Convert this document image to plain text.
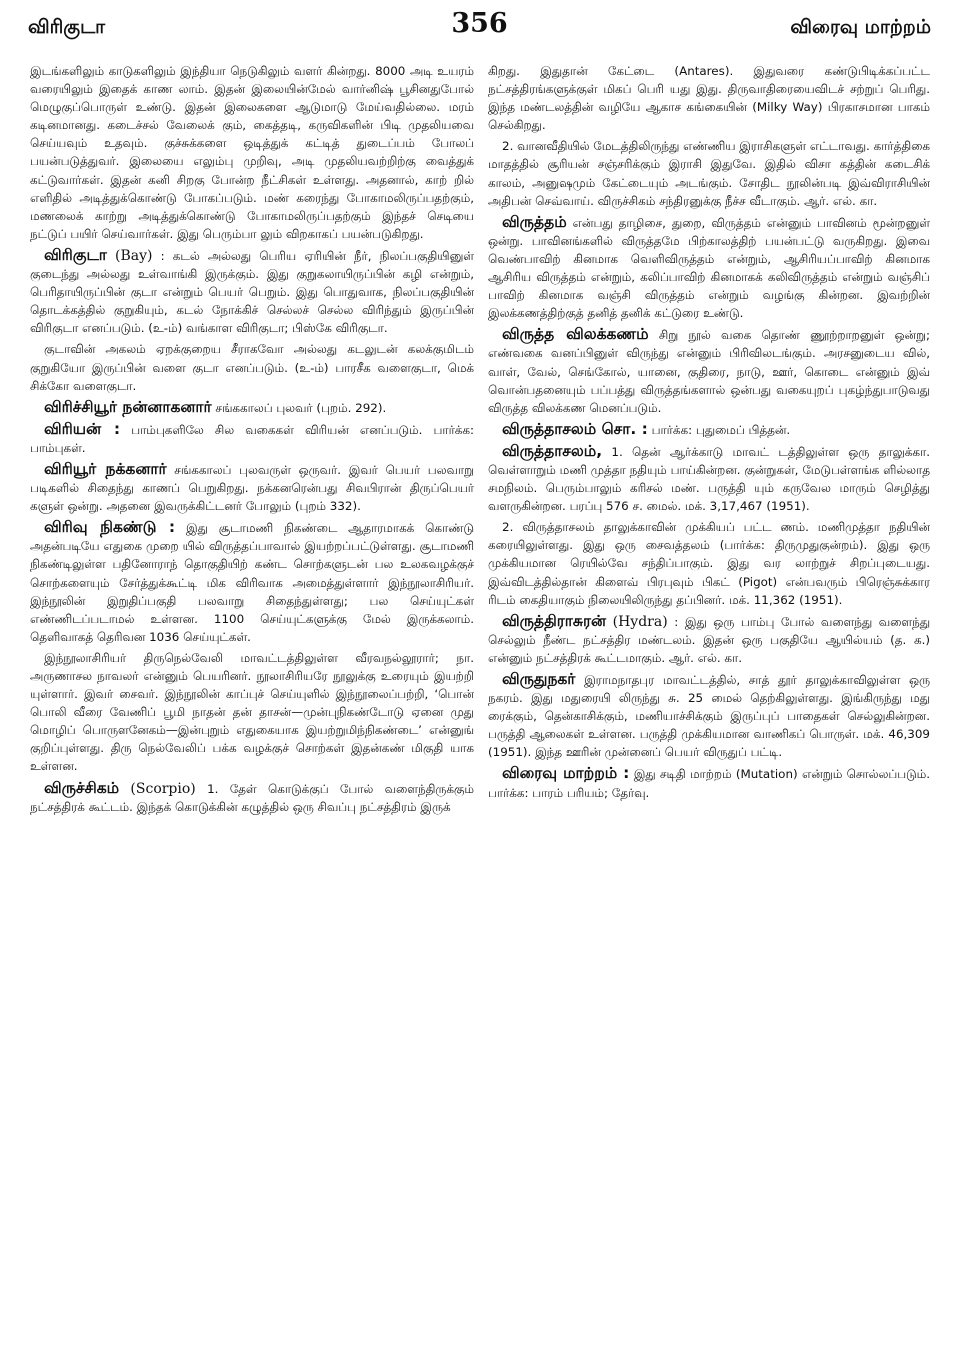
விரிகுடா	356	விரைவு மாற்றம்

இடங்களிலும் காடுகளிலும் இந்தியா நெடுகிலும் வளர் கின்றது. 8000 அடி உயரம் வரையிலும் இதைக் காண லாம். இதன் இலையின்மேல் வார்னிஷ் பூசினதுபோல் மெழுகுப்பொருள் உண்டு. இதன் இலைகளை ஆடுமாடு மேய்வதில்லை. மரம் கடினமானது. கடைச்சல் வேலைக் கும், கைத்தடி, கருவிகளின் பிடி முதலியவை செய்யவும் உதவும். குச்சுக்களை ஒடித்துக் கட்டித் துடைப்பம் போலப் பயன்படுத்துவர். இலையை எலும்பு முறிவு, அடி முதலியவற்றிற்கு வைத்துக் கட்டுவார்கள். இதன் கனி சிறகு போன்ற நீட்சிகள் உள்ளது. அதனால், காற் றில் எளிதில் அடித்துக்கொண்டு போகப்படும். மண் கரைந்து போகாமலிருப்பதற்கும், மணலைக் காற்று அடித்துக்கொண்டு போகாமலிருப்பதற்கும் இந்தச் செடியை நட்டுப் பயிர் செய்வார்கள். இது பெரும்பா லும் விறகாகப் பயன்படுகிறது.

விரிகுடா (Bay) : கடல் அல்லது பெரிய ஏரியின் நீர், நிலப்பகுதியினுள் குடைந்து அல்லது உள்வாங்கி இருக்கும். இது குறுகலாயிருப்பின் கழி என்றும், பெரிதாயிருப்பின் குடா என்றும் பெயர் பெறும். இது பொதுவாக, நிலப்பகுதியின் தொடக்கத்தில் குறுகியும், கடல் நோக்கிச் செல்லச் செல்ல விரிந்தும் இருப்பின் விரிகுடா எனப்படும். (உ-ம்) வங்காள விரிகுடா; பிஸ்கே விரிகுடா.

குடாவின் அகலம் ஏறக்குறைய சீராகவோ அல்லது கடலுடன் கலக்குமிடம் குறுகியோ இருப்பின் வளை குடா எனப்படும். (உ-ம்) பாரசீக வளைகுடா, மெக் சிக்கோ வளைகுடா.

விரிச்சியூர் நன்னாகனார் சங்ககாலப் புலவர் (புறம். 292).

விரியன் : பாம்புகளிலே சில வகைகள் விரியன் எனப்படும். பார்க்க: பாம்புகள்.

விரியூர் நக்கனார் சங்ககாலப் புலவருள் ஒருவர். இவர் பெயர் பலவாறு படிகளில் சிதைந்து காணப் பெறுகிறது. நக்கனரென்பது சிவபிரான் திருப்பெயர் களுள் ஒன்று. அதனை இவருக்கிட்டனர் போலும் (புறம் 332).

விரிவு நிகண்டு : இது சூடாமணி நிகண்டை ஆதாரமாகக் கொண்டு அதன்படியே எதுகை முறை யில் விருத்தப்பாவால் இயற்றப்பட்டுள்ளது. சூடாமணி நிகண்டிலுள்ள பதினோராந் தொகுதியிற் கண்ட சொற்களுடன் பல உலகவழக்குச் சொற்களையும் சேர்த்துக்கூட்டி மிக விரிவாக அமைத்துள்ளார் இந்நூலாசிரியர். இந்நூலின் இறுதிப்பகுதி பலவாறு சிதைந்துள்ளது; பல செய்யுட்கள் எண்ணிடப்படாமல் உள்ளன. 1100 செய்யுட்களுக்கு மேல் இருக்கலாம். தெளிவாகத் தெரிவன 1036 செய்யுட்கள்.

இந்நூலாசிரியர் திருநெல்வேலி மாவட்டத்திலுள்ள வீரவநல்லூரார்; நா. அருணாசல நாவலர் என்னும் பெயரினர். நூலாசிரியரே நூலுக்கு உரையும் இயற்றி யுள்ளார். இவர் சைவர். இந்நூலின் காப்புச் செய்யுளில் இந்நூலைப்பற்றி, ‘பொன் பொலி வீரை வேணிப் பூமி நாதன் தன் தாசன்—முன்புநிகண்டோடு ஏனை முது மொழிப் பொருளனேகம்—இன்புறும் எதுகையாக இயற்றுமிந்நிகண்டை’ என்னுங் குறிப்புள்ளது. திரு நெல்வேலிப் பக்க வழக்குச் சொற்கள் இதன்கண் மிகுதி யாக உள்ளன.

விருச்சிகம் (Scorpio) 1. தேள் கொடுக்குப் போல் வளைந்திருக்கும் நட்சத்திரக் கூட்டம். இந்தக் கொடுக்கின் கழுத்தில் ஒரு சிவப்பு நட்சத்திரம் இருக்

கிறது. இதுதான் கேட்டை (Antares). இதுவரை கண்டுபிடிக்கப்பட்ட நட்சத்திரங்களுக்குள் மிகப் பெரி யது இது. திருவாதிரையைவிடச் சற்றுப் பெரிது. இந்த மண்டலத்தின் வழியே ஆகாச கங்கையின் (Milky Way) பிரகாசமான பாகம் செல்கிறது.

2. வானவீதியில் மேடத்திலிருந்து எண்ணிய இராசிகளுள் எட்டாவது. கார்த்திகை மாதத்தில் சூரியன் சஞ்சரிக்கும் இராசி இதுவே. இதில் விசா கத்தின் கடைசிக் காலம், அனுஷமும் கேட்டையும் அடங்கும். சோதிட நூலின்படி இவ்விராசியின் அதிபன் செவ்வாய். விருச்சிகம் சந்திரனுக்கு நீச்ச வீடாகும். ஆர். எல். கா.

விருத்தம் என்பது தாழிசை, துறை, விருத்தம் என்னும் பாவினம் மூன்றனுள் ஒன்று. பாவினங்களில் விருத்தமே பிற்காலத்திற் பயன்பட்டு வருகிறது. இவை வெண்பாவிற் கினமாக வெளிவிருத்தம் என்றும், ஆசிரியப்பாவிற் கினமாக ஆசிரிய விருத்தம் என்றும், கலிப்பாவிற் கினமாகக் கலிவிருத்தம் என்றும் வஞ்சிப் பாவிற் கினமாக வஞ்சி விருத்தம் என்றும் வழங்கு கின்றன. இவற்றின் இலக்கணத்திற்குத் தனித் தனிக் கட்டுரை உண்டு.

விருத்த விலக்கணம் சிறு நூல் வகை தொண் ணூற்றாறனுள் ஒன்று; எண்வகை வனப்பினுள் விருந்து என்னும் பிரிவிலடங்கும். அரசனுடைய வில், வாள், வேல், செங்கோல், யானை, குதிரை, நாடு, ஊர், கொடை என்னும் இவ் வொன்பதனையும் பப்பத்து விருத்தங்களால் ஒன்பது வகையுறப் புகழ்ந்துபாடுவது விருத்த விலக்கண மெனப்படும்.

விருத்தாசலம் சொ. : பார்க்க: புதுமைப் பித்தன்.

விருத்தாசலம், 1. தென் ஆர்க்காடு மாவட் டத்திலுள்ள ஒரு தாலுக்கா. வெள்ளாறும் மணி முத்தா நதியும் பாய்கின்றன. குன்றுகள், மேடுபள்ளங்க ளில்லாத சமநிலம். பெரும்பாலும் கரிசல் மண். பருத்தி யும் கருவேல மாரும் செழித்து வளருகின்றன. பரப்பு 576 ச. மைல். மக். 3,17,467 (1951).

2. விருத்தாசலம் தாலுக்காவின் முக்கியப் பட்ட ணம். மணிமுத்தா நதியின் கரையிலுள்ளது. இது ஒரு சைவத்தலம் (பார்க்க: திருமுதுகுன்றம்). இது ஒரு முக்கியமான ரெயில்வே சந்திப்பாகும். இது வர லாற்றுச் சிறப்புடையது. இவ்விடத்தில்தான் கிளைவ் பிரபுவும் பிகட் (Pigot) என்பவரும் பிரெஞ்சுக்கார ரிடம் கைதியாகும் நிலையிலிருந்து தப்பினர். மக். 11,362 (1951).

விருத்திராசுரன் (Hydra) : இது ஒரு பாம்பு போல் வளைந்து வளைந்து செல்லும் நீண்ட நட்சத்திர மண்டலம். இதன் ஒரு பகுதியே ஆயில்யம் (த. க.) என்னும் நட்சத்திரக் கூட்டமாகும். ஆர். எல். கா.

விருதுநகர் இராமநாதபுர மாவட்டத்தில், சாத் தூர் தாலுக்காவிலுள்ள ஒரு நகரம். இது மதுரையி லிருந்து சு. 25 மைல் தெற்கிலுள்ளது. இங்கிருந்து மது ரைக்கும், தென்காசிக்கும், மணியாச்சிக்கும் இருப்புப் பாதைகள் செல்லுகின்றன. பருத்தி ஆலைகள் உள்ளன. பருத்தி முக்கியமான வாணிகப் பொருள். மக். 46,309 (1951). இந்த ஊரின் முன்னைப் பெயர் விருதுப் பட்டி.

விரைவு மாற்றம் : இது சடிதி மாற்றம் (Mutation) என்றும் சொல்லப்படும். பார்க்க: பாரம் பரியம்; தேர்வு.
